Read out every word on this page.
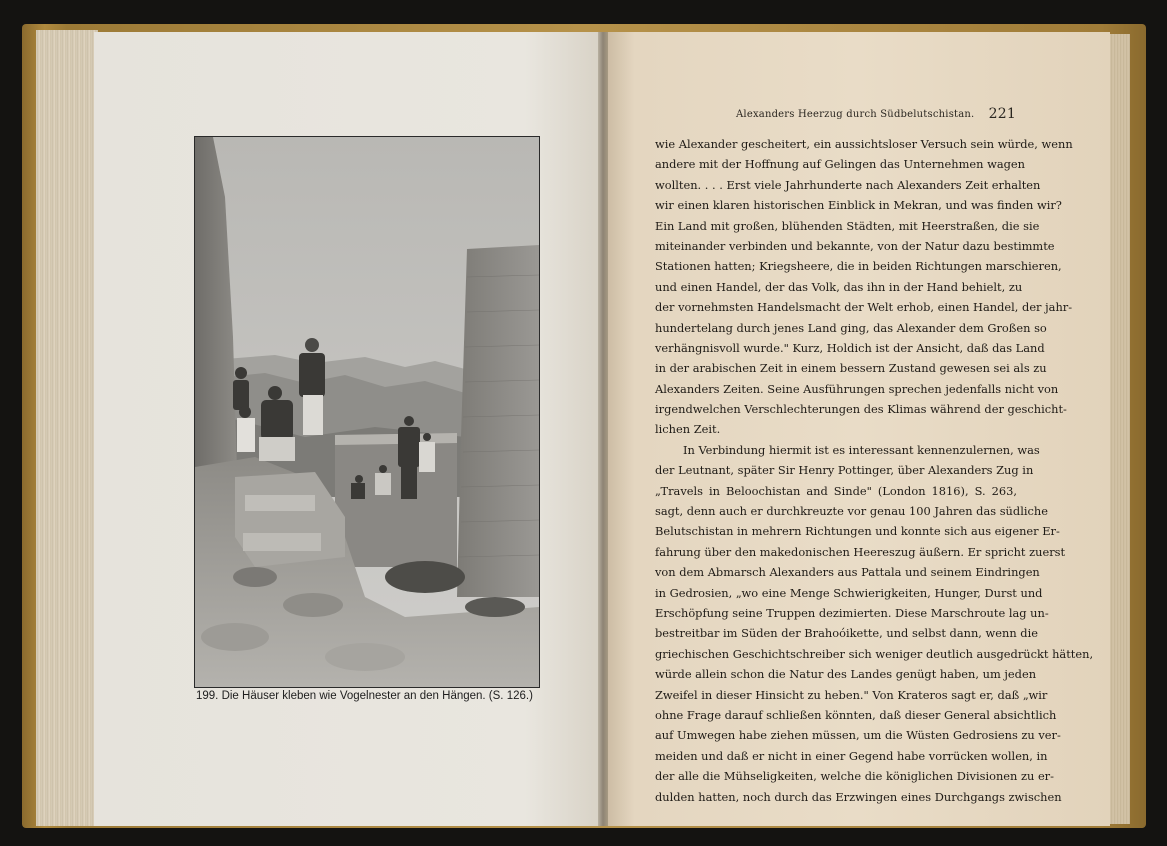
199. Die Häuser kleben wie Vogelnester an den Hängen. (S. 126.)
Alexanders Heerzug durch Südbelutschistan. 221
wie Alexander gescheitert, ein aussichtsloser Versuch sein würde, wenn
andere mit der Hoffnung auf Gelingen das Unternehmen wagen
wollten. . . . Erst viele Jahrhunderte nach Alexanders Zeit erhalten
wir einen klaren historischen Einblick in Mekran, und was finden wir?
Ein Land mit großen, blühenden Städten, mit Heerstraßen, die sie
miteinander verbinden und bekannte, von der Natur dazu bestimmte
Stationen hatten; Kriegsheere, die in beiden Richtungen marschieren,
und einen Handel, der das Volk, das ihn in der Hand behielt, zu
der vornehmsten Handelsmacht der Welt erhob, einen Handel, der jahr-
hundertelang durch jenes Land ging, das Alexander dem Großen so
verhängnisvoll wurde." Kurz, Holdich ist der Ansicht, daß das Land
in der arabischen Zeit in einem bessern Zustand gewesen sei als zu
Alexanders Zeiten. Seine Ausführungen sprechen jedenfalls nicht von
irgendwelchen Verschlechterungen des Klimas während der geschicht-
lichen Zeit.
In Verbindung hiermit ist es interessant kennenzulernen, was
der Leutnant, später Sir Henry Pottinger, über Alexanders Zug in
„Travels in Beloochistan and Sinde" (London 1816), S. 263,
sagt, denn auch er durchkreuzte vor genau 100 Jahren das südliche
Belutschistan in mehrern Richtungen und konnte sich aus eigener Er-
fahrung über den makedonischen Heereszug äußern. Er spricht zuerst
von dem Abmarsch Alexanders aus Pattala und seinem Eindringen
in Gedrosien, „wo eine Menge Schwierigkeiten, Hunger, Durst und
Erschöpfung seine Truppen dezimierten. Diese Marschroute lag un-
bestreitbar im Süden der Brahoóikette, und selbst dann, wenn die
griechischen Geschichtschreiber sich weniger deutlich ausgedrückt hätten,
würde allein schon die Natur des Landes genügt haben, um jeden
Zweifel in dieser Hinsicht zu heben." Von Krateros sagt er, daß „wir
ohne Frage darauf schließen könnten, daß dieser General absichtlich
auf Umwegen habe ziehen müssen, um die Wüsten Gedrosiens zu ver-
meiden und daß er nicht in einer Gegend habe vorrücken wollen, in
der alle die Mühseligkeiten, welche die königlichen Divisionen zu er-
dulden hatten, noch durch das Erzwingen eines Durchgangs zwischen
